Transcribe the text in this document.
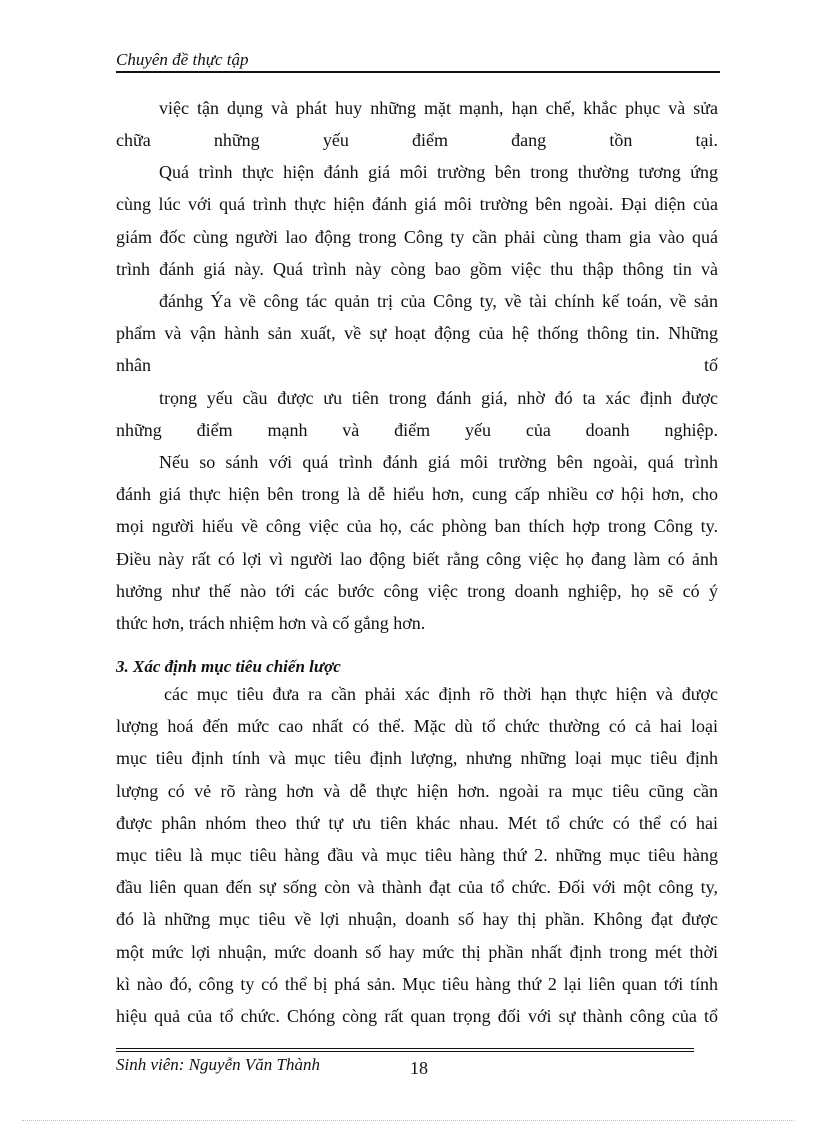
Chuyên đề thực tập
việc tận dụng và phát huy những mặt mạnh, hạn chế, khắc phục và sửa
chữa những yếu điểm đang tồn tại.
Quá trình thực hiện đánh giá môi trường bên trong thường tương ứng
cùng lúc với quá trình thực hiện đánh giá môi trường bên ngoài. Đại diện của
giám đốc cùng người lao động trong Công ty cần phải cùng tham gia vào quá
trình đánh giá này. Quá trình này còng bao gồm việc thu thập thông tin và
đánhg Ýa về công tác quản trị của Công ty, về tài chính kế toán, về sản
phẩm và vận hành sản xuất, về sự hoạt động của hệ thống thông tin. Những
nhân tố
trọng yếu cầu được ưu tiên trong đánh giá, nhờ đó ta xác định được
những điểm mạnh và điểm yếu của doanh nghiệp.
Nếu so sánh với quá trình đánh giá môi trường bên ngoài, quá trình
đánh giá thực hiện bên trong là dễ hiểu hơn, cung cấp nhiều cơ hội hơn, cho
mọi người hiểu về công việc của họ, các phòng ban thích hợp trong Công ty.
Điều này rất có lợi vì người lao động biết rằng công việc họ đang làm có ảnh
hưởng như thế nào tới các bước công việc trong doanh nghiệp, họ sẽ có ý
thức hơn, trách nhiệm hơn và cố gắng hơn.
3. Xác định mục tiêu chiến lược
các mục tiêu đưa ra cần phải xác định rõ thời hạn thực hiện và được
lượng hoá đến mức cao nhất có thể. Mặc dù tổ chức thường có cả hai loại
mục tiêu định tính và mục tiêu định lượng, nhưng những loại mục tiêu định
lượng có vẻ rõ ràng hơn và dễ thực hiện hơn. ngoài ra mục tiêu cũng cần
được phân nhóm theo thứ tự ưu tiên khác nhau. Mét tổ chức có thể có hai
mục tiêu là mục tiêu hàng đầu và mục tiêu hàng thứ 2. những mục tiêu hàng
đầu liên quan đến sự sống còn và thành đạt của tổ chức. Đối với một công ty,
đó là những mục tiêu về lợi nhuận, doanh số hay thị phần. Không đạt được
một mức lợi nhuận, mức doanh số hay mức thị phần nhất định trong mét thời
kì nào đó, công ty có thể bị phá sản. Mục tiêu hàng thứ 2 lại liên quan tới tính
hiệu quả của tổ chức. Chóng còng rất quan trọng đối với sự thành công của tổ
Sinh viên: Nguyễn Văn Thành	18
